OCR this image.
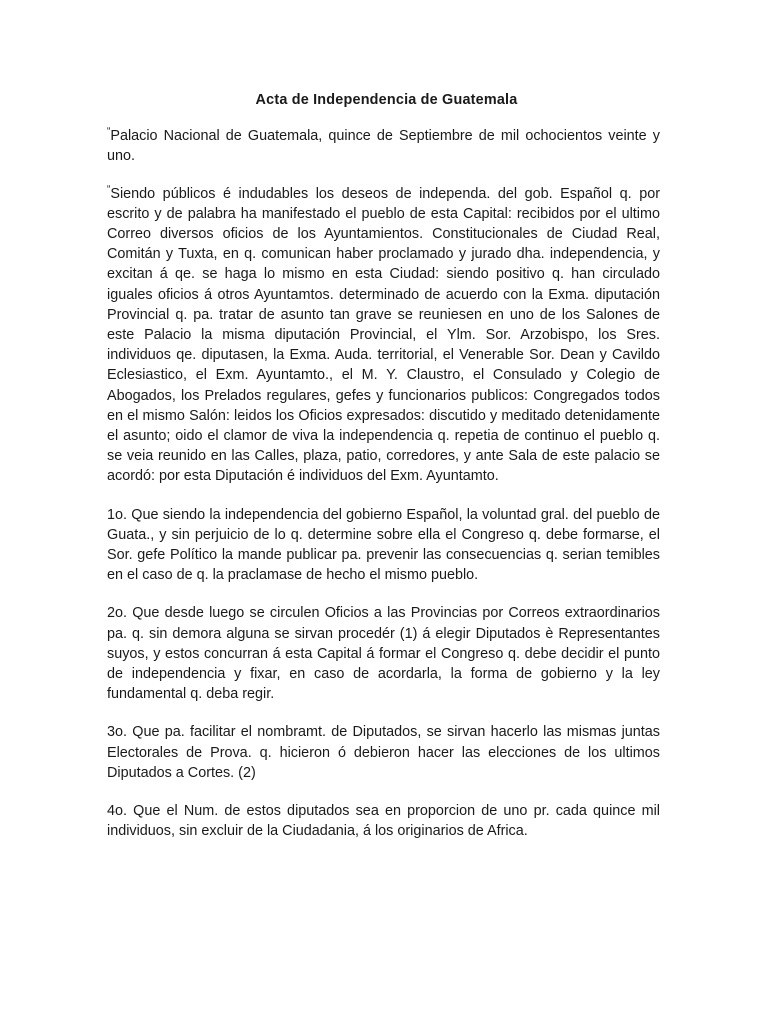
Acta de Independencia de Guatemala

“Palacio Nacional de Guatemala, quince de Septiembre de mil ochocientos veinte y uno.

“Siendo públicos é indudables los deseos de independa. del gob. Español q. por escrito y de palabra ha manifestado el pueblo de esta Capital: recibidos por el ultimo Correo diversos oficios de los Ayuntamientos. Constitucionales de Ciudad Real, Comitán y Tuxta, en q. comunican haber proclamado y jurado dha. independencia, y excitan á qe. se haga lo mismo en esta Ciudad: siendo positivo q. han circulado iguales oficios á otros Ayuntamtos. determinado de acuerdo con la Exma. diputación Provincial q. pa. tratar de asunto tan grave se reuniesen en uno de los Salones de este Palacio la misma diputación Provincial, el Ylm. Sor. Arzobispo, los Sres. individuos qe. diputasen, la Exma. Auda. territorial, el Venerable Sor. Dean y Cavildo Eclesiastico, el Exm. Ayuntamto., el M. Y. Claustro, el Consulado y Colegio de Abogados, los Prelados regulares, gefes y funcionarios publicos: Congregados todos en el mismo Salón: leidos los Oficios expresados: discutido y meditado detenidamente el asunto; oido el clamor de viva la independencia q. repetia de continuo el pueblo q. se veia reunido en las Calles, plaza, patio, corredores, y ante Sala de este palacio se acordó: por esta Diputación é individuos del Exm. Ayuntamto.

1o. Que siendo la independencia del gobierno Español, la voluntad gral. del pueblo de Guata., y sin perjuicio de lo q. determine sobre ella el Congreso q. debe formarse, el Sor. gefe Político la mande publicar pa. prevenir las consecuencias q. serian temibles en el caso de q. la praclamase de hecho el mismo pueblo.

2o. Que desde luego se circulen Oficios a las Provincias por Correos extraordinarios pa. q. sin demora alguna se sirvan procedér (1) á elegir Diputados è Representantes suyos, y estos concurran á esta Capital á formar el Congreso q. debe decidir el punto de independencia y fixar, en caso de acordarla, la forma de gobierno y la ley fundamental q. deba regir.

3o. Que pa. facilitar el nombramt. de Diputados, se sirvan hacerlo las mismas juntas Electorales de Prova. q. hicieron ó debieron hacer las elecciones de los ultimos Diputados a Cortes. (2)

4o. Que el Num. de estos diputados sea en proporcion de uno pr. cada quince mil individuos, sin excluir de la Ciudadania, á los originarios de Africa.
